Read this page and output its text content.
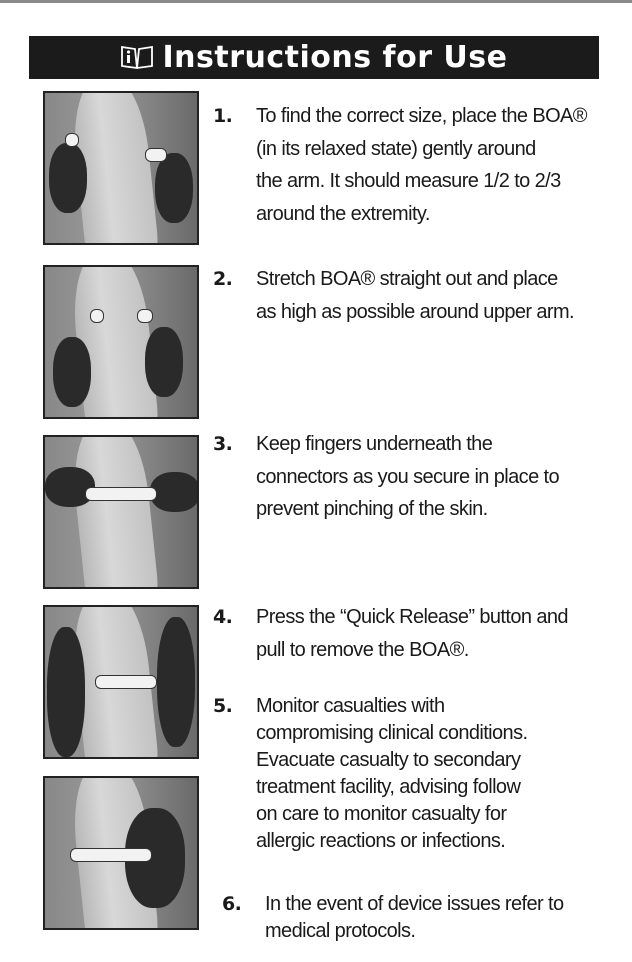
Instructions for Use
1.	To find the correct size, place the BOA®
(in its relaxed state) gently around
the arm. It should measure 1/2 to 2/3
around the extremity.
2.	Stretch BOA® straight out and place
as high as possible around upper arm.
3.	Keep fingers underneath the
connectors as you secure in place to
prevent pinching of the skin.
4.	Press the “Quick Release” button and
pull to remove the BOA®.
5.	Monitor casualties with
compromising clinical conditions.
Evacuate casualty to secondary
treatment facility, advising follow
on care to monitor casualty for
allergic reactions or infections.
6.	In the event of device issues refer to
medical protocols.
